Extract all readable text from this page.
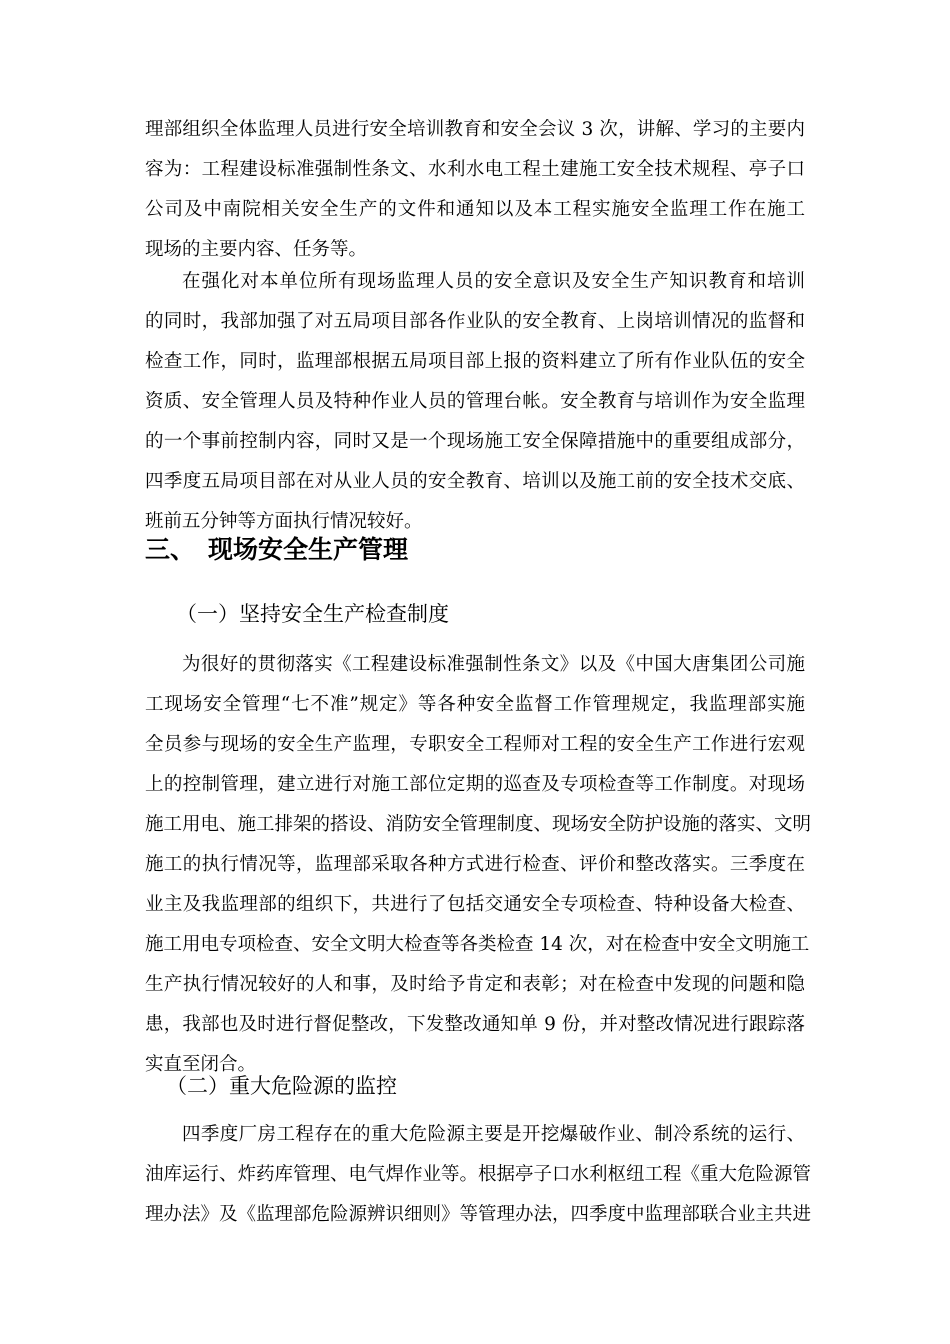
理部组织全体监理人员进行安全培训教育和安全会议 3 次，讲解、学习的主要内
容为：工程建设标准强制性条文、水利水电工程土建施工安全技术规程、亭子口
公司及中南院相关安全生产的文件和通知以及本工程实施安全监理工作在施工
现场的主要内容、任务等。
在强化对本单位所有现场监理人员的安全意识及安全生产知识教育和培训
的同时，我部加强了对五局项目部各作业队的安全教育、上岗培训情况的监督和
检查工作，同时，监理部根据五局项目部上报的资料建立了所有作业队伍的安全
资质、安全管理人员及特种作业人员的管理台帐。安全教育与培训作为安全监理
的一个事前控制内容，同时又是一个现场施工安全保障措施中的重要组成部分，
四季度五局项目部在对从业人员的安全教育、培训以及施工前的安全技术交底、
班前五分钟等方面执行情况较好。
三、 现场安全生产管理
（一）坚持安全生产检查制度
为很好的贯彻落实《工程建设标准强制性条文》以及《中国大唐集团公司施
工现场安全管理“七不准”规定》等各种安全监督工作管理规定，我监理部实施
全员参与现场的安全生产监理，专职安全工程师对工程的安全生产工作进行宏观
上的控制管理，建立进行对施工部位定期的巡查及专项检查等工作制度。对现场
施工用电、施工排架的搭设、消防安全管理制度、现场安全防护设施的落实、文明
施工的执行情况等，监理部采取各种方式进行检查、评价和整改落实。三季度在
业主及我监理部的组织下，共进行了包括交通安全专项检查、特种设备大检查、
施工用电专项检查、安全文明大检查等各类检查 14 次，对在检查中安全文明施工
生产执行情况较好的人和事，及时给予肯定和表彰；对在检查中发现的问题和隐
患，我部也及时进行督促整改，下发整改通知单 9 份，并对整改情况进行跟踪落
实直至闭合。
（二）重大危险源的监控
四季度厂房工程存在的重大危险源主要是开挖爆破作业、制冷系统的运行、
油库运行、炸药库管理、电气焊作业等。根据亭子口水利枢纽工程《重大危险源管
理办法》及《监理部危险源辨识细则》等管理办法，四季度中监理部联合业主共进
